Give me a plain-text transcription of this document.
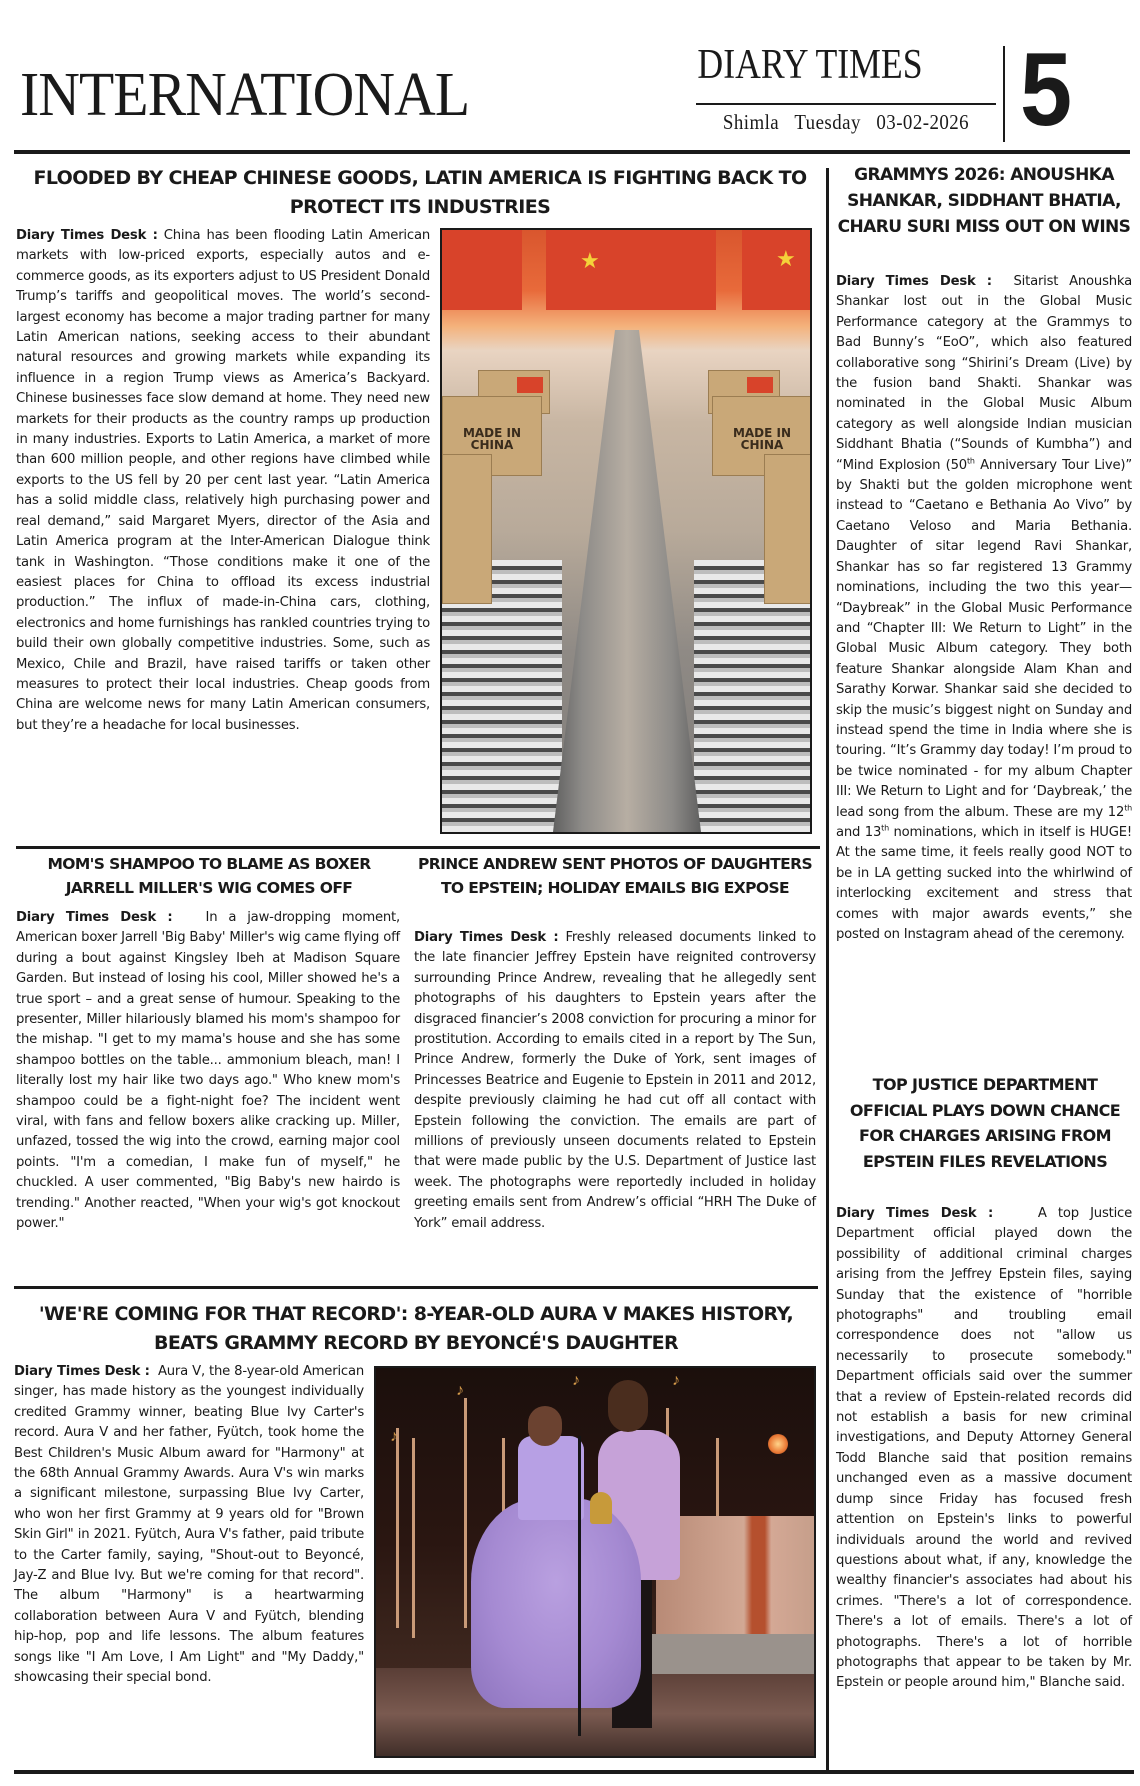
INTERNATIONAL	DIARY TIMES
Shimla Tuesday 03-02-2026 5
FLOODED BY CHEAP CHINESE GOODS, LATIN AMERICA IS FIGHTING BACK TO PROTECT ITS INDUSTRIES

Diary Times Desk : China has been flooding Latin American markets with low-priced exports, especially autos and e-commerce goods, as its exporters adjust to US President Donald Trump’s tariffs and geopolitical moves. The world’s second-largest economy has become a major trading partner for many Latin American nations, seeking access to their abundant natural resources and growing markets while expanding its influence in a region Trump views as America’s Backyard. Chinese businesses face slow demand at home. They need new markets for their products as the country ramps up production in many industries. Exports to Latin America, a market of more than 600 million people, and other regions have climbed while exports to the US fell by 20 per cent last year. “Latin America has a solid middle class, relatively high purchasing power and real demand,” said Margaret Myers, director of the Asia and Latin America program at the Inter-American Dialogue think tank in Washington. “Those conditions make it one of the easiest places for China to offload its excess industrial production.” The influx of made-in-China cars, clothing, electronics and home furnishings has rankled countries trying to build their own globally competitive industries. Some, such as Mexico, Chile and Brazil, have raised tariffs or taken other measures to protect their local industries. Cheap goods from China are welcome news for many Latin American consumers, but they’re a headache for local businesses.

★	★
MADE IN CHINA
MADE IN CHINA
MOM'S SHAMPOO TO BLAME AS BOXER JARRELL MILLER'S WIG COMES OFF

Diary Times Desk :	In a jaw-dropping moment, American boxer Jarrell 'Big Baby' Miller's wig came flying off during a bout against Kingsley Ibeh at Madison Square Garden. But instead of losing his cool, Miller showed he's a true sport – and a great sense of humour. Speaking to the presenter, Miller hilariously blamed his mom's shampoo for the mishap. "I get to my mama's house and she has some shampoo bottles on the table... ammonium bleach, man! I literally lost my hair like two days ago." Who knew mom's shampoo could be a fight-night foe? The incident went viral, with fans and fellow boxers alike cracking up. Miller, unfazed, tossed the wig into the crowd, earning major cool points. "I'm a comedian, I make fun of myself," he chuckled. A user commented, "Big Baby's new hairdo is trending." Another reacted, "When your wig's got knockout power."

PRINCE ANDREW SENT PHOTOS OF DAUGHTERS TO EPSTEIN; HOLIDAY EMAILS BIG EXPOSE

Diary Times Desk : Freshly released documents linked to the late financier Jeffrey Epstein have reignited controversy surrounding Prince Andrew, revealing that he allegedly sent photographs of his daughters to Epstein years after the disgraced financier’s 2008 conviction for procuring a minor for prostitution. According to emails cited in a report by The Sun, Prince Andrew, formerly the Duke of York, sent images of Princesses Beatrice and Eugenie to Epstein in 2011 and 2012, despite previously claiming he had cut off all contact with Epstein following the conviction. The emails are part of millions of previously unseen documents related to Epstein that were made public by the U.S. Department of Justice last week. The photographs were reportedly included in holiday greeting emails sent from Andrew’s official “HRH The Duke of York” email address.

'WE'RE COMING FOR THAT RECORD': 8-YEAR-OLD AURA V MAKES HISTORY, BEATS GRAMMY RECORD BY BEYONCÉ'S DAUGHTER

Diary Times Desk : Aura V, the 8-year-old American singer, has made history as the youngest individually credited Grammy winner, beating Blue Ivy Carter's record. Aura V and her father, Fyütch, took home the Best Children's Music Album award for "Harmony" at the 68th Annual Grammy Awards. Aura V's win marks a significant milestone, surpassing Blue Ivy Carter, who won her first Grammy at 9 years old for "Brown Skin Girl" in 2021. Fyütch, Aura V's father, paid tribute to the Carter family, saying, "Shout-out to Beyoncé, Jay-Z and Blue Ivy. But we're coming for that record". The album "Harmony" is a heartwarming collaboration between Aura V and Fyütch, blending hip-hop, pop and life lessons. The album features songs like "I Am Love, I Am Light" and "My Daddy," showcasing their special bond.

♪
♪
♪	♪
GRAMMYS 2026: ANOUSHKA SHANKAR, SIDDHANT BHATIA, CHARU SURI MISS OUT ON WINS

Diary Times Desk : Sitarist Anoushka Shankar lost out in the Global Music Performance category at the Grammys to Bad Bunny’s “EoO”, which also featured collaborative song “Shirini’s Dream (Live) by the fusion band Shakti. Shankar was nominated in the Global Music Album category as well alongside Indian musician Siddhant Bhatia (“Sounds of Kumbha”) and “Mind Explosion (50th Anniversary Tour Live)” by Shakti but the golden microphone went instead to “Caetano e Bethania Ao Vivo” by Caetano Veloso and Maria Bethania. Daughter of sitar legend Ravi Shankar, Shankar has so far registered 13 Grammy nominations, including the two this year— “Daybreak” in the Global Music Performance and “Chapter III: We Return to Light” in the Global Music Album category. They both feature Shankar alongside Alam Khan and Sarathy Korwar. Shankar said she decided to skip the music’s biggest night on Sunday and instead spend the time in India where she is touring. “It’s Grammy day today! I’m proud to be twice nominated - for my album Chapter III: We Return to Light and for ‘Daybreak,’ the lead song from the album. These are my 12th and 13th nominations, which in itself is HUGE! At the same time, it feels really good NOT to be in LA getting sucked into the whirlwind of interlocking excitement and stress that comes with major awards events,” she posted on Instagram ahead of the ceremony.

TOP JUSTICE DEPARTMENT OFFICIAL PLAYS DOWN CHANCE FOR CHARGES ARISING FROM EPSTEIN FILES REVELATIONS

Diary Times Desk :	A top Justice Department official played down the possibility of additional criminal charges arising from the Jeffrey Epstein files, saying Sunday that the existence of "horrible photographs" and troubling email correspondence does not "allow us necessarily to prosecute somebody." Department officials said over the summer that a review of Epstein-related records did not establish a basis for new criminal investigations, and Deputy Attorney General Todd Blanche said that position remains unchanged even as a massive document dump since Friday has focused fresh attention on Epstein's links to powerful individuals around the world and revived questions about what, if any, knowledge the wealthy financier's associates had about his crimes. "There's a lot of correspondence. There's a lot of emails. There's a lot of photographs. There's a lot of horrible photographs that appear to be taken by Mr. Epstein or people around him," Blanche said.
